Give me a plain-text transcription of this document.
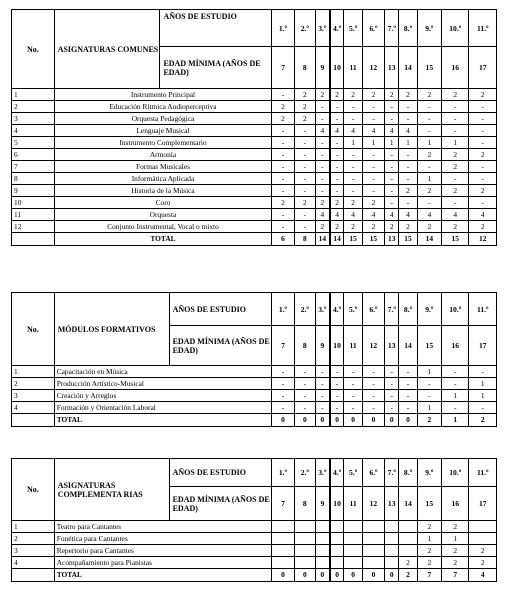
No.	ASIGNATURAS COMUNES	AÑOS DE ESTUDIO	1.º	2.º	3.º	4.º	5.º	6.º	7.º	8.º	9.º	10.º	11.º
		EDAD MÍNIMA (AÑOS DE EDAD)	7	8	9	10	11	12	13	14	15	16	17
1	Instrumento Principal		-	2	2	2	2	2	2	2	2	2	2
2	Educación Rítmica Audioperceptiva		2	2	-	-	-	-	-	-	-	-	-
3	Orquesta Pedagógica		2	2	-	-	-	-	-	-	-	-	-
4	Lenguaje Musical		-	-	4	4	4	4	4	4	-	-	-
5	Instrumento Complementario		-	-	-	-	1	1	1	1	1	1	-
6	Armonía		-	-	-	-	-	-	-	-	2	2	2
7	Formas Musicales		-	-	-	-	-	-	-	-	-	2	-
8	Informática Aplicada		-	-	-	-	-	-	-	-	1	-	-
9	Historia de la Música		-	-	-	-	-	-	-	2	2	2	2
10	Coro		2	2	2	2	2	2	-	-	-	-	-
11	Orquesta		-	-	4	4	4	4	4	4	4	4	4
12	Conjunto Instrumental, Vocal o mixto		-	-	2	2	2	2	2	2	2	2	2
	TOTAL		6	8	14	14	15	15	13	15	14	15	12
No.	MÓDULOS FORMATIVOS	AÑOS DE ESTUDIO	1.º	2.º	3.º	4.º	5.º	6.º	7.º	8.º	9.º	10.º	11.º
		EDAD MÍNIMA (AÑOS DE EDAD)	7	8	9	10	11	12	13	14	15	16	17
1	Capacitación en Música		-	-	-	-	-	-	-	-	1	-	-
2	Producción Artístico-Musical		-	-	-	-	-	-	-	-	-	-	1
3	Creación y Arreglos		-	-	-	-	-	-	-	-	-	1	1
4	Formación y Orientación Laboral		-	-	-	-	-	-	-	-	1	-	-
	TOTAL		0	0	0	0	0	0	0	0	2	1	2
No.	ASIGNATURAS COMPLEMENTA RIAS	AÑOS DE ESTUDIO	1.º	2.º	3.º	4.º	5.º	6.º	7.º	8.º	9.º	10.º	11.º
		EDAD MÍNIMA (AÑOS DE EDAD)	7	8	9	10	11	12	13	14	15	16	17
1	Teatro para Cantantes										2	2	
2	Fonética para Cantantes										1	1	
3	Repertorio para Cantantes										2	2	2
4	Acompañamiento para Pianistas									2	2	2	2
	TOTAL		0	0	0	0	0	0	0	2	7	7	4
